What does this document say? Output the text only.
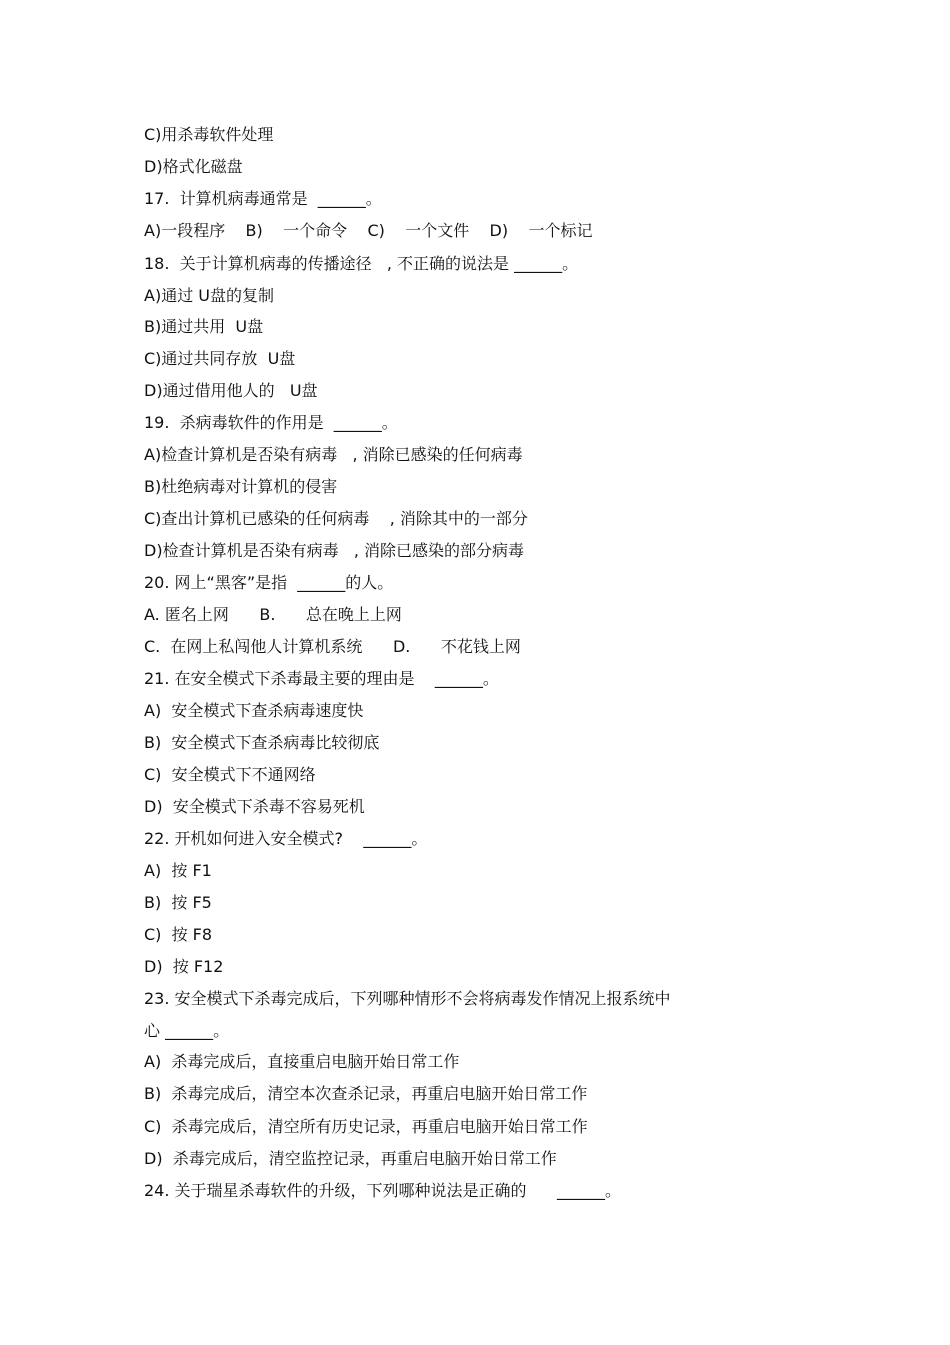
C)用杀毒软件处理
D)格式化磁盘
17.  计算机病毒通常是  ______。
A)一段程序    B)    一个命令    C)    一个文件    D)    一个标记
18.  关于计算机病毒的传播途径   , 不正确的说法是 ______。
A)通过 U盘的复制
B)通过共用  U盘
C)通过共同存放  U盘
D)通过借用他人的   U盘
19.  杀病毒软件的作用是  ______。
A)检查计算机是否染有病毒   , 消除已感染的任何病毒
B)杜绝病毒对计算机的侵害
C)查出计算机已感染的任何病毒    , 消除其中的一部分
D)检查计算机是否染有病毒   , 消除已感染的部分病毒
20. 网上“黑客”是指  ______的人。
A. 匿名上网      B.      总在晚上上网
C.  在网上私闯他人计算机系统      D.      不花钱上网
21. 在安全模式下杀毒最主要的理由是    ______。
A)  安全模式下查杀病毒速度快
B)  安全模式下查杀病毒比较彻底
C)  安全模式下不通网络
D)  安全模式下杀毒不容易死机
22. 开机如何进入安全模式?    ______。
A)  按 F1
B)  按 F5
C)  按 F8
D)  按 F12
23. 安全模式下杀毒完成后，下列哪种情形不会将病毒发作情况上报系统中
心 ______。
A)  杀毒完成后，直接重启电脑开始日常工作
B)  杀毒完成后，清空本次查杀记录，再重启电脑开始日常工作
C)  杀毒完成后，清空所有历史记录，再重启电脑开始日常工作
D)  杀毒完成后，清空监控记录，再重启电脑开始日常工作
24. 关于瑞星杀毒软件的升级，下列哪种说法是正确的      ______。
